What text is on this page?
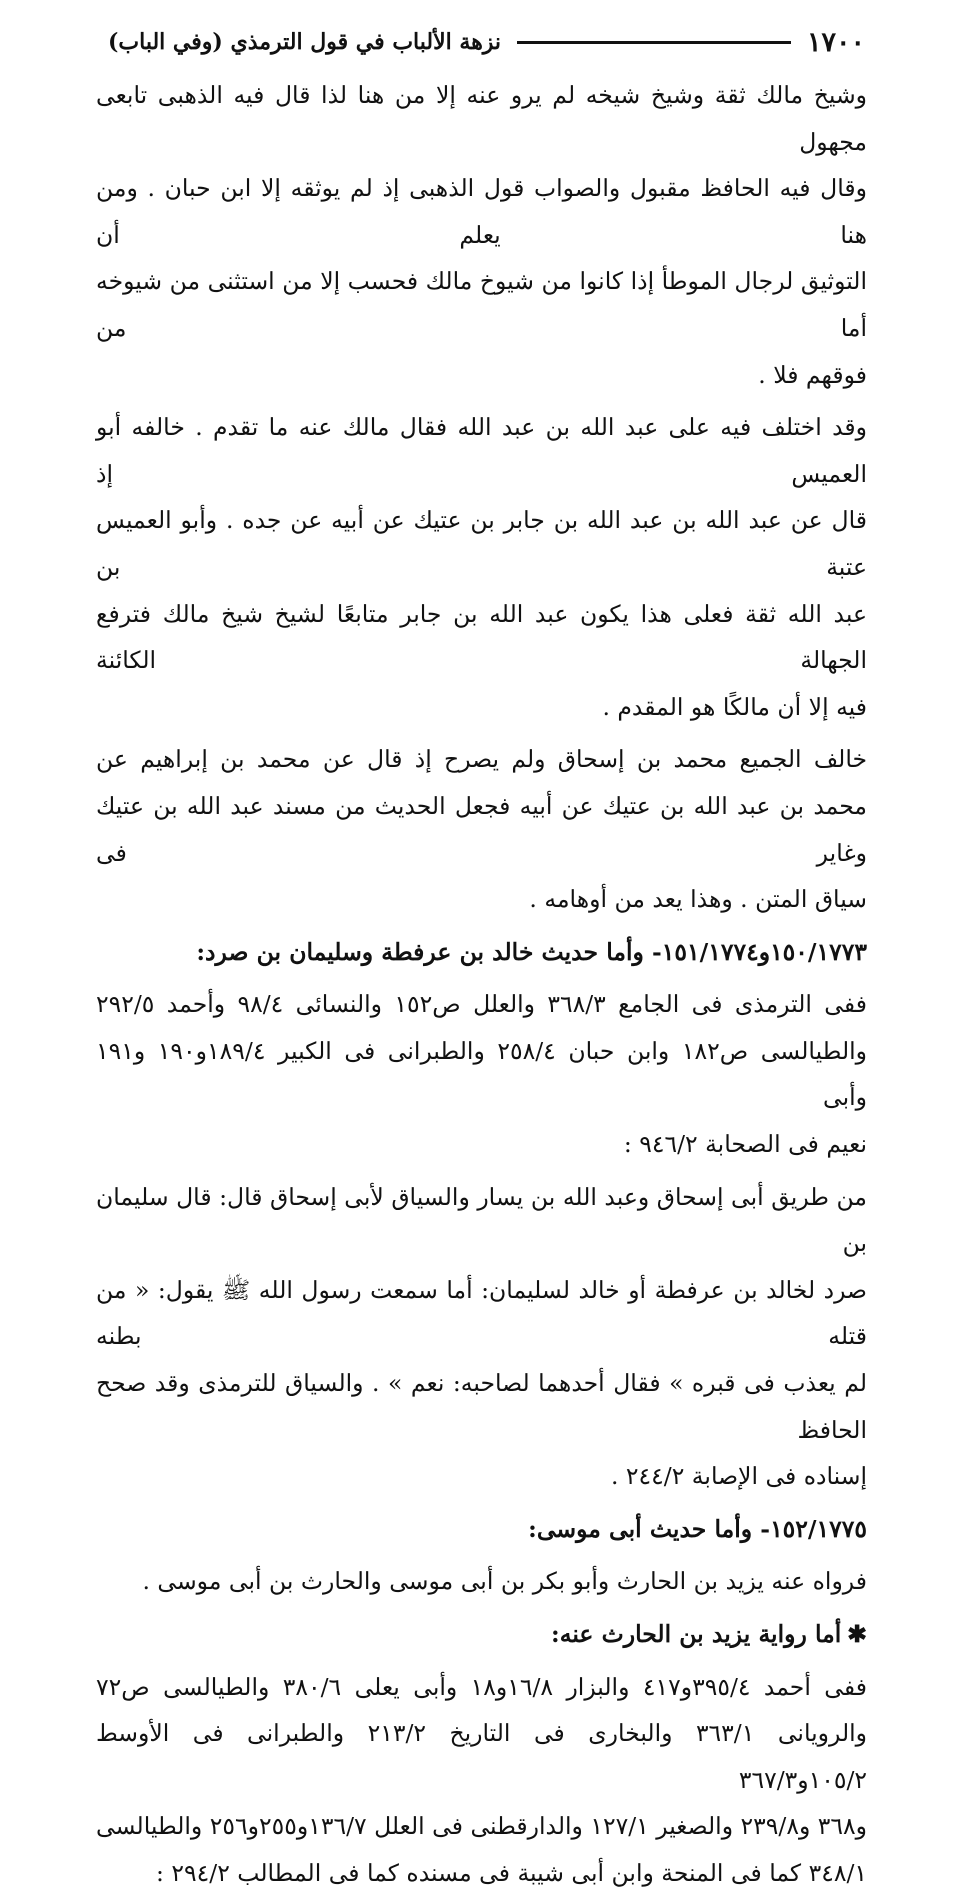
١٧٠٠
نزهة الألباب في قول الترمذي (وفي الباب)
وشيخ مالك ثقة وشيخ شيخه لم يرو عنه إلا من هنا لذا قال فيه الذهبى تابعى مجهول
وقال فيه الحافظ مقبول والصواب قول الذهبى إذ لم يوثقه إلا ابن حبان . ومن هنا يعلم أن
التوثيق لرجال الموطأ إذا كانوا من شيوخ مالك فحسب إلا من استثنى من شيوخه أما من
فوقهم فلا .
وقد اختلف فيه على عبد الله بن عبد الله فقال مالك عنه ما تقدم . خالفه أبو العميس إذ
قال عن عبد الله بن عبد الله بن جابر بن عتيك عن أبيه عن جده . وأبو العميس عتبة بن
عبد الله ثقة فعلى هذا يكون عبد الله بن جابر متابعًا لشيخ شيخ مالك فترفع الجهالة الكائنة
فيه إلا أن مالكًا هو المقدم .
خالف الجميع محمد بن إسحاق ولم يصرح إذ قال عن محمد بن إبراهيم عن
محمد بن عبد الله بن عتيك عن أبيه فجعل الحديث من مسند عبد الله بن عتيك وغاير فى
سياق المتن . وهذا يعد من أوهامه .
١٥٠/١٧٧٣و١٥١/١٧٧٤- وأما حديث خالد بن عرفطة وسليمان بن صرد:
ففى الترمذى فى الجامع ٣٦٨/٣ والعلل ص١٥٢ والنسائى ٩٨/٤ وأحمد ٢٩٢/٥
والطيالسى ص١٨٢ وابن حبان ٢٥٨/٤ والطبرانى فى الكبير ١٨٩/٤و١٩٠ و١٩١ وأبى
نعيم فى الصحابة ٩٤٦/٢ :
من طريق أبى إسحاق وعبد الله بن يسار والسياق لأبى إسحاق قال: قال سليمان بن
صرد لخالد بن عرفطة أو خالد لسليمان: أما سمعت رسول الله ﷺ يقول: « من قتله بطنه
لم يعذب فى قبره » فقال أحدهما لصاحبه: نعم » . والسياق للترمذى وقد صحح الحافظ
إسناده فى الإصابة ٢٤٤/٢ .
١٥٢/١٧٧٥- وأما حديث أبى موسى:
فرواه عنه يزيد بن الحارث وأبو بكر بن أبى موسى والحارث بن أبى موسى .
✱أما رواية يزيد بن الحارث عنه:
ففى أحمد ٣٩٥/٤و٤١٧ والبزار ١٦/٨و١٨ وأبى يعلى ٣٨٠/٦ والطيالسى ص٧٢
والرويانى ٣٦٣/١ والبخارى فى التاريخ ٢١٣/٢ والطبرانى فى الأوسط ١٠٥/٢و٣٦٧/٣
و٣٦٨ و٢٣٩/٨ والصغير ١٢٧/١ والدارقطنى فى العلل ١٣٦/٧و٢٥٥و٢٥٦ والطيالسى
٣٤٨/١ كما فى المنحة وابن أبى شيبة فى مسنده كما فى المطالب ٢٩٤/٢ :
